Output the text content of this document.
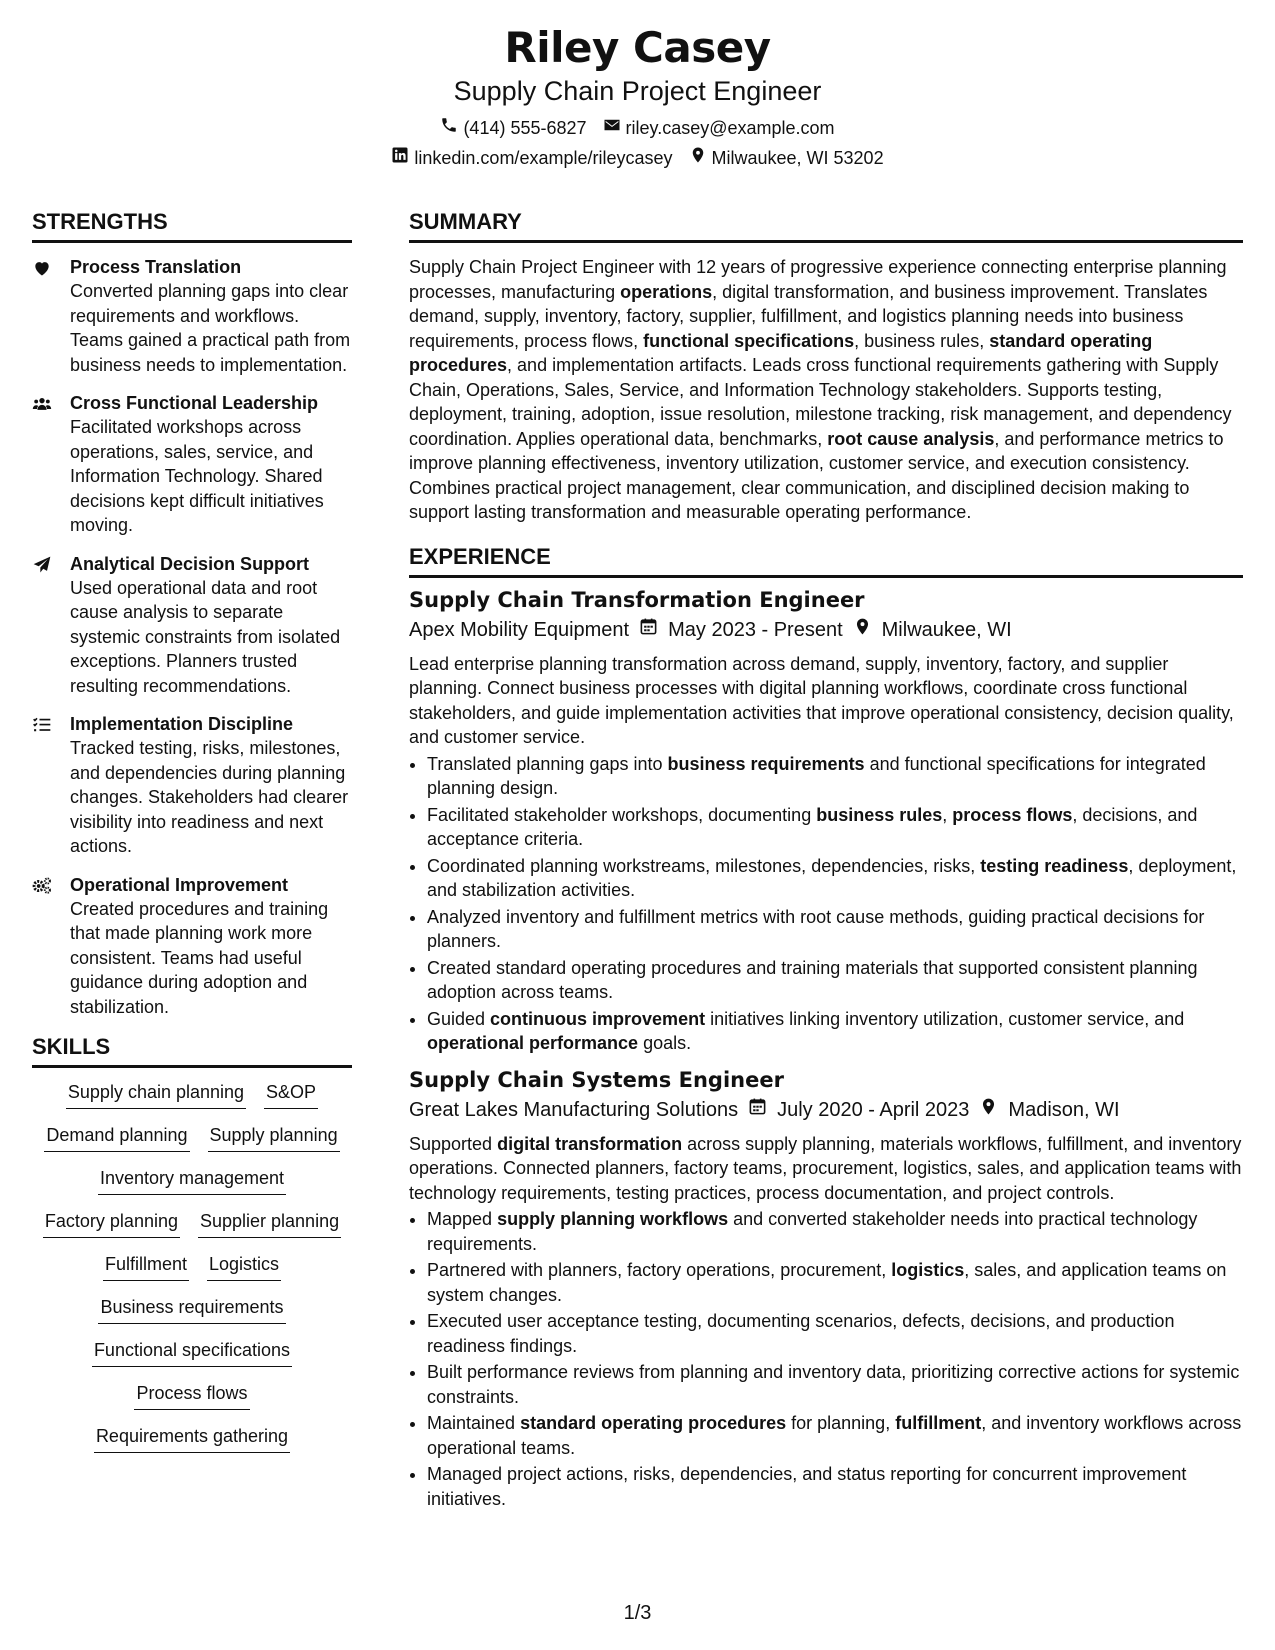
Riley Casey
Supply Chain Project Engineer
(414) 555-6827 riley.casey@example.com
linkedin.com/example/rileycasey Milwaukee, WI 53202
STRENGTHS
Process Translation
Converted planning gaps into clear requirements and workflows. Teams gained a practical path from business needs to implementation.
Cross Functional Leadership
Facilitated workshops across operations, sales, service, and Information Technology. Shared decisions kept difficult initiatives moving.
Analytical Decision Support
Used operational data and root cause analysis to separate systemic constraints from isolated exceptions. Planners trusted resulting recommendations.
Implementation Discipline
Tracked testing, risks, milestones, and dependencies during planning changes. Stakeholders had clearer visibility into readiness and next actions.
Operational Improvement
Created procedures and training that made planning work more consistent. Teams had useful guidance during adoption and stabilization.
SKILLS
Supply chain planning S&OP
Demand planning Supply planning
Inventory management
Factory planning Supplier planning
Fulfillment Logistics
Business requirements
Functional specifications
Process flows
Requirements gathering
SUMMARY
Supply Chain Project Engineer with 12 years of progressive experience connecting enterprise planning processes, manufacturing operations, digital transformation, and business improvement. Translates demand, supply, inventory, factory, supplier, fulfillment, and logistics planning needs into business requirements, process flows, functional specifications, business rules, standard operating procedures, and implementation artifacts. Leads cross functional requirements gathering with Supply Chain, Operations, Sales, Service, and Information Technology stakeholders. Supports testing, deployment, training, adoption, issue resolution, milestone tracking, risk management, and dependency coordination. Applies operational data, benchmarks, root cause analysis, and performance metrics to improve planning effectiveness, inventory utilization, customer service, and execution consistency. Combines practical project management, clear communication, and disciplined decision making to support lasting transformation and measurable operating performance.
EXPERIENCE
Supply Chain Transformation Engineer
Apex Mobility Equipment May 2023 - Present Milwaukee, WI
Lead enterprise planning transformation across demand, supply, inventory, factory, and supplier planning. Connect business processes with digital planning workflows, coordinate cross functional stakeholders, and guide implementation activities that improve operational consistency, decision quality, and customer service.
• Translated planning gaps into business requirements and functional specifications for integrated planning design.
• Facilitated stakeholder workshops, documenting business rules, process flows, decisions, and acceptance criteria.
• Coordinated planning workstreams, milestones, dependencies, risks, testing readiness, deployment, and stabilization activities.
• Analyzed inventory and fulfillment metrics with root cause methods, guiding practical decisions for planners.
• Created standard operating procedures and training materials that supported consistent planning adoption across teams.
• Guided continuous improvement initiatives linking inventory utilization, customer service, and operational performance goals.
Supply Chain Systems Engineer
Great Lakes Manufacturing Solutions July 2020 - April 2023 Madison, WI
Supported digital transformation across supply planning, materials workflows, fulfillment, and inventory operations. Connected planners, factory teams, procurement, logistics, sales, and application teams with technology requirements, testing practices, process documentation, and project controls.
• Mapped supply planning workflows and converted stakeholder needs into practical technology requirements.
• Partnered with planners, factory operations, procurement, logistics, sales, and application teams on system changes.
• Executed user acceptance testing, documenting scenarios, defects, decisions, and production readiness findings.
• Built performance reviews from planning and inventory data, prioritizing corrective actions for systemic constraints.
• Maintained standard operating procedures for planning, fulfillment, and inventory workflows across operational teams.
• Managed project actions, risks, dependencies, and status reporting for concurrent improvement initiatives.
1/3
